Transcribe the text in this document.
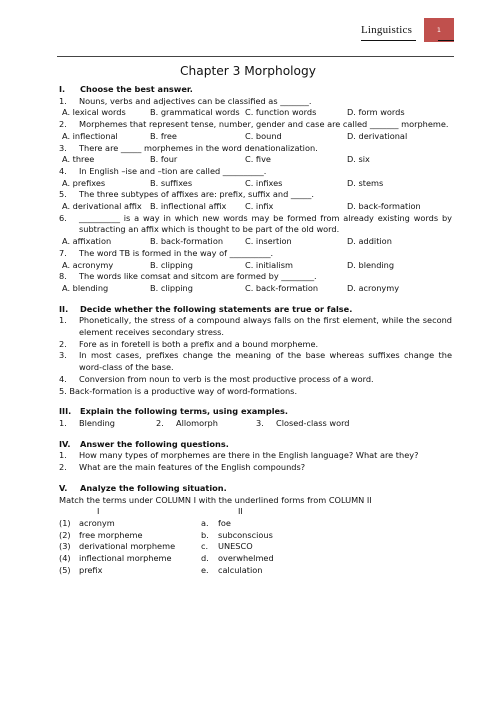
Linguistics	1
Chapter 3 Morphology
I.	Choose the best answer.
1.	Nouns, verbs and adjectives can be classified as _______.
A. lexical words	B. grammatical words C. function words	D. form words
2.	Morphemes that represent tense, number, gender and case are called _______ morpheme.
A. inflectional	B. free	C. bound	D. derivational
3.	There are _____ morphemes in the word denationalization.
A. three	B. four	C. five	D. six
4.	In English –ise and –tion are called __________.
A. prefixes	B. suffixes	C. infixes	D. stems
5.	The three subtypes of affixes are: prefix, suffix and _____.
A. derivational affix	B. inflectional affix	C. infix	D. back-formation
6.	__________ is a way in which new words may be formed from already existing words by subtracting an affix which is thought to be part of the old word.
A. affixation	B. back-formation	C. insertion	D. addition
7.	The word TB is formed in the way of __________.
A. acronymy	B. clipping	C. initialism	D. blending
8.	The words like comsat and sitcom are formed by ________.
A. blending	B. clipping	C. back-formation	D. acronymy
II.	Decide whether the following statements are true or false.
1.	Phonetically, the stress of a compound always falls on the first element, while the second element receives secondary stress.
2.	Fore as in foretell is both a prefix and a bound morpheme.
3.	In most cases, prefixes change the meaning of the base whereas suffixes change the word-class of the base.
4.	Conversion from noun to verb is the most productive process of a word.
5. Back-formation is a productive way of word-formations.
III.	Explain the following terms, using examples.
1.	Blending	2.	Allomorph	3.	Closed-class word
IV.	Answer the following questions.
1.	How many types of morphemes are there in the English language? What are they?
2.	What are the main features of the English compounds?
V.	Analyze the following situation.
Match the terms under COLUMN I with the underlined forms from COLUMN II
I	II
(1)	acronym	a.	foe
(2)	free morpheme	b.	subconscious
(3)	derivational morpheme	c.	UNESCO
(4)	inflectional morpheme	d.	overwhelmed
(5)	prefix	e.	calculation
